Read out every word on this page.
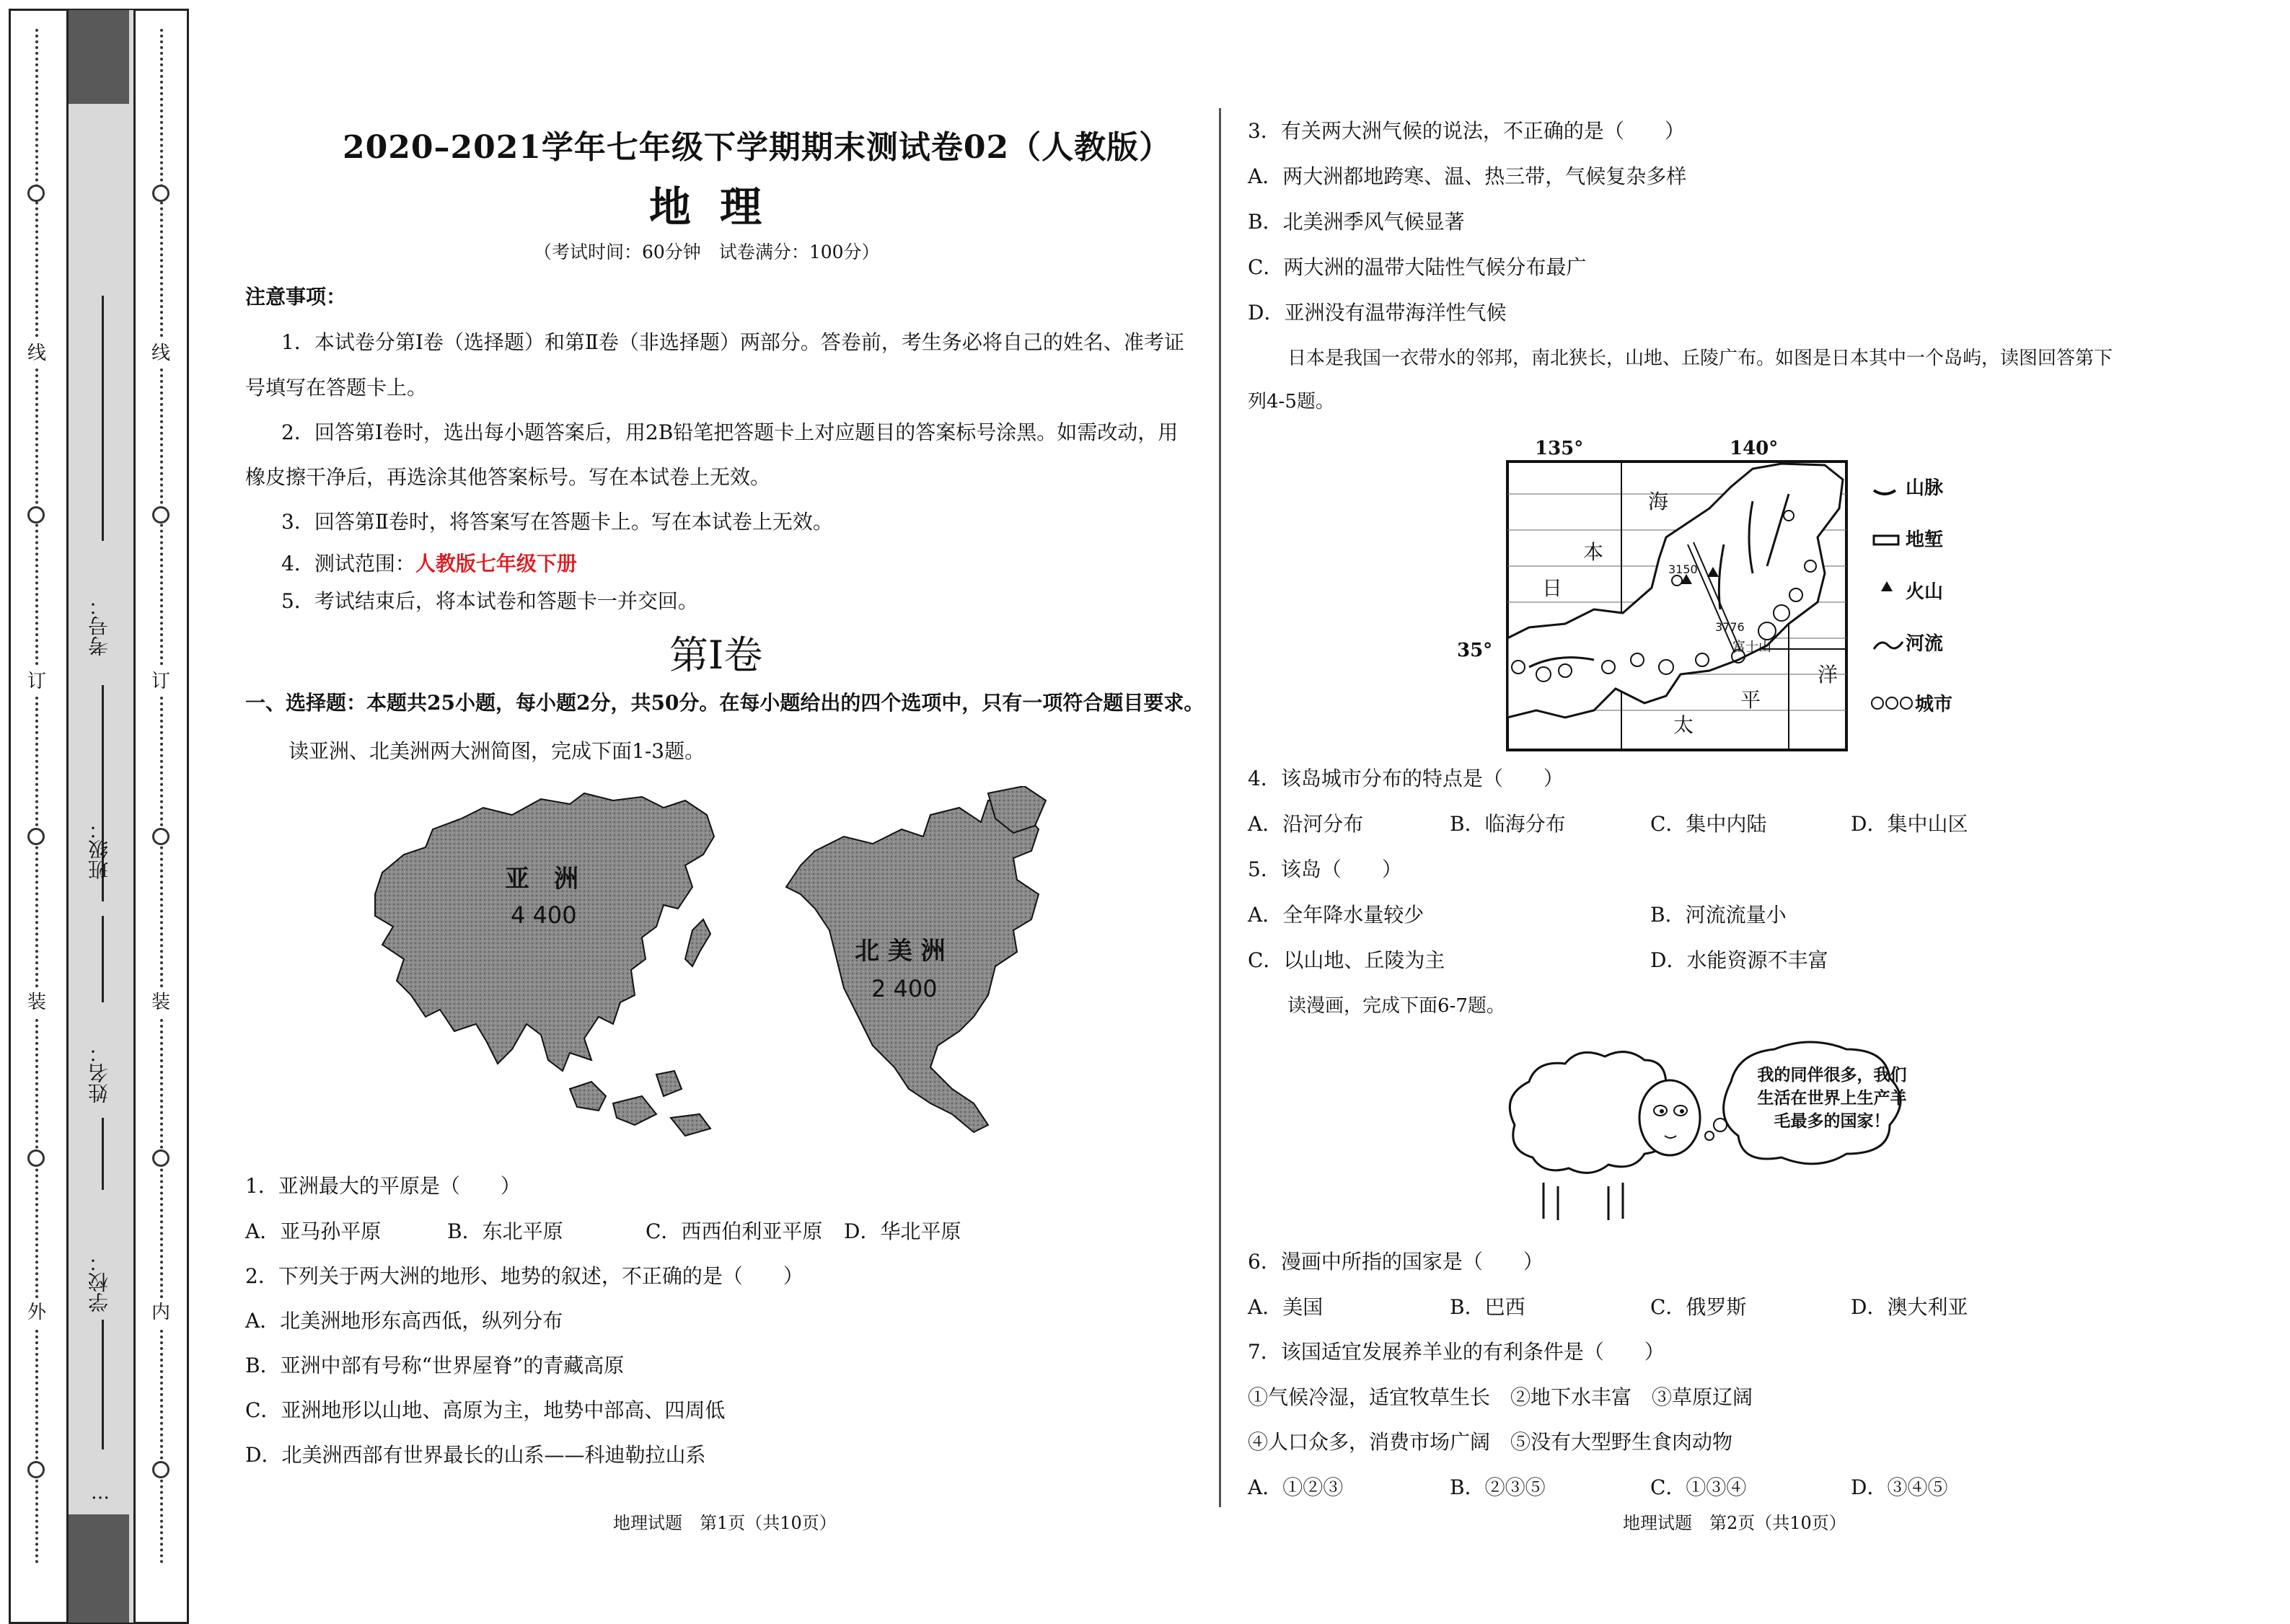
线
订
装
外
线
订
装
内
考号：
班级：
姓名：
学校：
…
2020–2021学年七年级下学期期末测试卷02（人教版）
地理
（考试时间：60分钟　试卷满分：100分）
注意事项：
1．本试卷分第Ⅰ卷（选择题）和第Ⅱ卷（非选择题）两部分。答卷前，考生务必将自己的姓名、准考证
号填写在答题卡上。
2．回答第Ⅰ卷时，选出每小题答案后，用2B铅笔把答题卡上对应题目的答案标号涂黑。如需改动，用
橡皮擦干净后，再选涂其他答案标号。写在本试卷上无效。
3．回答第Ⅱ卷时，将答案写在答题卡上。写在本试卷上无效。
4．测试范围：人教版七年级下册
5．考试结束后，将本试卷和答题卡一并交回。
第Ⅰ卷
一、选择题：本题共25小题，每小题2分，共50分。在每小题给出的四个选项中，只有一项符合题目要求。
读亚洲、北美洲两大洲简图，完成下面1-3题。
亚　洲
4 400
北 美 洲
2 400
1．亚洲最大的平原是（　　）
A．亚马孙平原	B．东北平原	C．西西伯利亚平原 D．华北平原
2．下列关于两大洲的地形、地势的叙述，不正确的是（　　）
A．北美洲地形东高西低，纵列分布
B．亚洲中部有号称“世界屋脊”的青藏高原
C．亚洲地形以山地、高原为主，地势中部高、四周低
D．北美洲西部有世界最长的山系——科迪勒拉山系
地理试题　第1页（共10页）
3．有关两大洲气候的说法，不正确的是（　　）
A．两大洲都地跨寒、温、热三带，气候复杂多样
B．北美洲季风气候显著
C．两大洲的温带大陆性气候分布最广
D．亚洲没有温带海洋性气候
日本是我国一衣带水的邻邦，南北狭长，山地、丘陵广布。如图是日本其中一个岛屿，读图回答第下
列4-5题。
135°	140°
35°
日
本
海
太
平
洋
3150
3776
富士山
山脉
地堑
火山
河流
城市
4．该岛城市分布的特点是（　　）
A．沿河分布	B．临海分布	C．集中内陆	D．集中山区
5．该岛（　　）
A．全年降水量较少	B．河流流量小
C．以山地、丘陵为主	D．水能资源不丰富
读漫画，完成下面6-7题。
我的同伴很多，我们
生活在世界上生产羊
毛最多的国家！
6．漫画中所指的国家是（　　）
A．美国	B．巴西	C．俄罗斯	D．澳大利亚
7．该国适宜发展养羊业的有利条件是（　　）
①气候冷湿，适宜牧草生长　②地下水丰富　③草原辽阔
④人口众多，消费市场广阔　⑤没有大型野生食肉动物
A．①②③	B．②③⑤	C．①③④	D．③④⑤
地理试题　第2页（共10页）
